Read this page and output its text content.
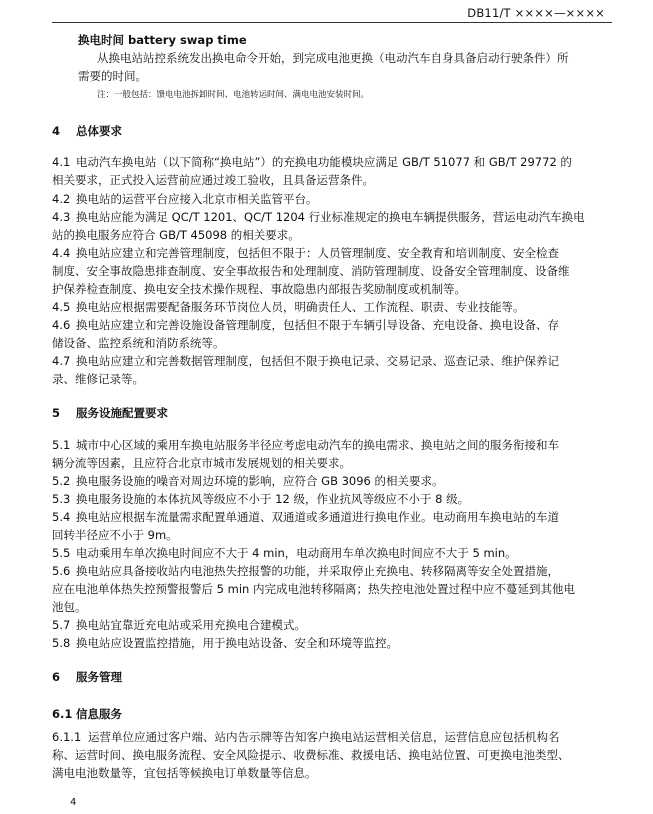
DB11/T ××××—××××
换电时间 battery swap time
从换电站站控系统发出换电命令开始，到完成电池更换（电动汽车自身具备启动行驶条件）所
需要的时间。
注：一般包括：馈电电池拆卸时间、电池转运时间、满电电池安装时间。
4 总体要求
4.1 电动汽车换电站（以下简称“换电站”）的充换电功能模块应满足 GB/T 51077 和 GB/T 29772 的
相关要求，正式投入运营前应通过竣工验收，且具备运营条件。
4.2 换电站的运营平台应接入北京市相关监管平台。
4.3 换电站应能为满足 QC/T 1201、QC/T 1204 行业标准规定的换电车辆提供服务，营运电动汽车换电
站的换电服务应符合 GB/T 45098 的相关要求。
4.4 换电站应建立和完善管理制度，包括但不限于：人员管理制度、安全教育和培训制度、安全检查
制度、安全事故隐患排查制度、安全事故报告和处理制度、消防管理制度、设备安全管理制度、设备维
护保养检查制度、换电安全技术操作规程、事故隐患内部报告奖励制度或机制等。
4.5 换电站应根据需要配备服务环节岗位人员，明确责任人、工作流程、职责、专业技能等。
4.6 换电站应建立和完善设施设备管理制度，包括但不限于车辆引导设备、充电设备、换电设备、存
储设备、监控系统和消防系统等。
4.7 换电站应建立和完善数据管理制度，包括但不限于换电记录、交易记录、巡查记录、维护保养记
录、维修记录等。
5 服务设施配置要求
5.1 城市中心区域的乘用车换电站服务半径应考虑电动汽车的换电需求、换电站之间的服务衔接和车
辆分流等因素，且应符合北京市城市发展规划的相关要求。
5.2 换电服务设施的噪音对周边环境的影响，应符合 GB 3096 的相关要求。
5.3 换电服务设施的本体抗风等级应不小于 12 级，作业抗风等级应不小于 8 级。
5.4 换电站应根据车流量需求配置单通道、双通道或多通道进行换电作业。电动商用车换电站的车道
回转半径应不小于 9m。
5.5 电动乘用车单次换电时间应不大于 4 min，电动商用车单次换电时间应不大于 5 min。
5.6 换电站应具备接收站内电池热失控报警的功能，并采取停止充换电、转移隔离等安全处置措施，
应在电池单体热失控预警报警后 5 min 内完成电池转移隔离；热失控电池处置过程中应不蔓延到其他电
池包。
5.7 换电站宜靠近充电站或采用充换电合建模式。
5.8 换电站应设置监控措施，用于换电站设备、安全和环境等监控。
6 服务管理
6.1 信息服务
6.1.1 运营单位应通过客户端、站内告示牌等告知客户换电站运营相关信息，运营信息应包括机构名
称、运营时间、换电服务流程、安全风险提示、收费标准、救援电话、换电站位置、可更换电池类型、
满电电池数量等，宜包括等候换电订单数量等信息。
4
